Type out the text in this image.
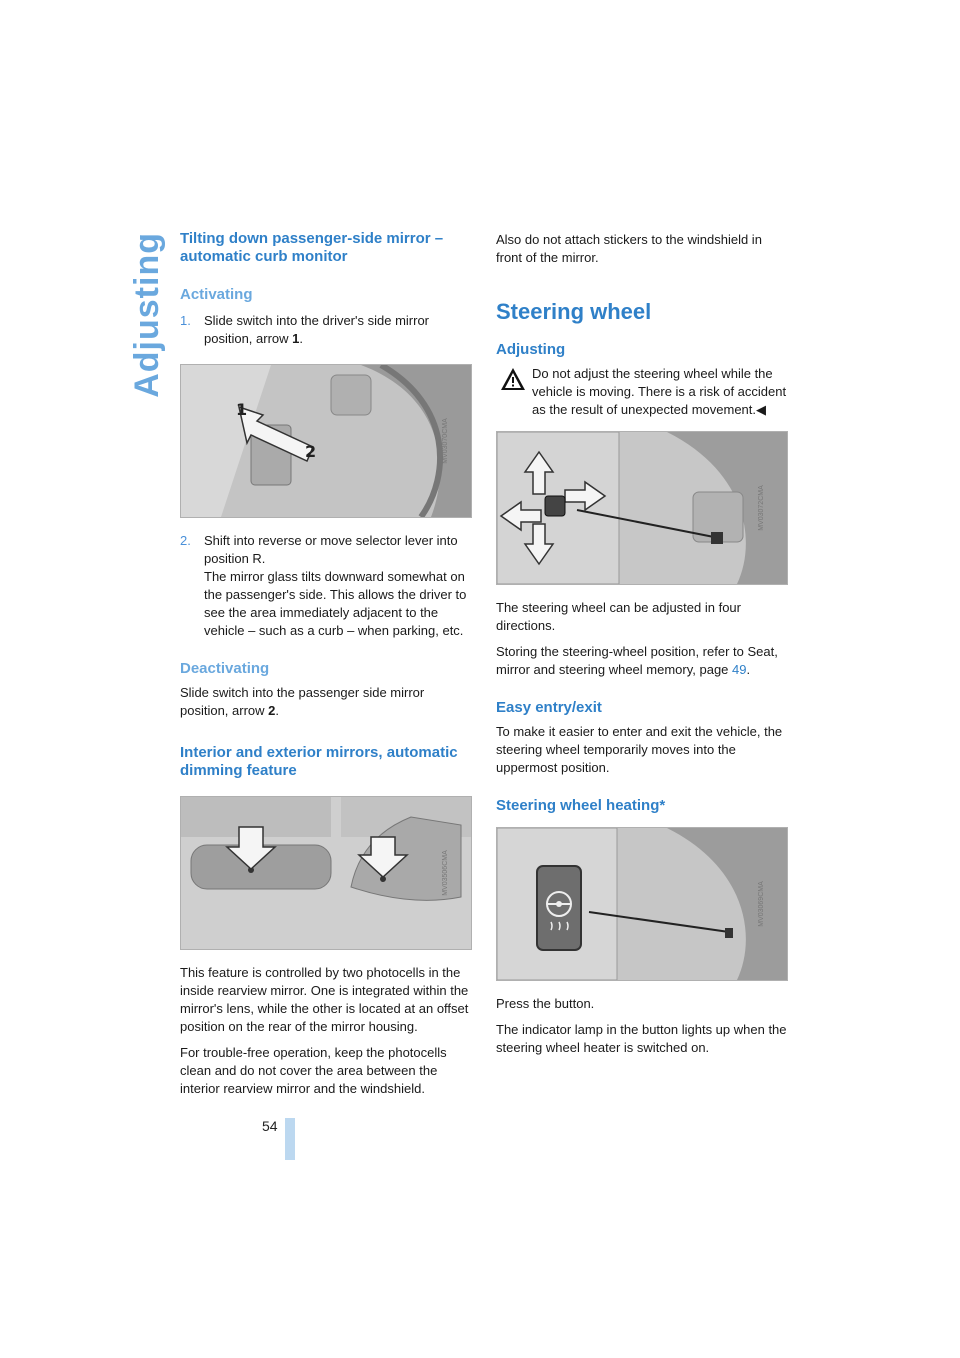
Adjusting Tilting down passenger-side mirror – automatic curb monitor
Activating

1. Slide switch into the driver's side mirror position, arrow 1.

1
2	MV03070CMA

2. Shift into reverse or move selector lever into position R.

The mirror glass tilts downward somewhat on the passenger's side. This allows the driver to see the area immediately adjacent to the vehicle – such as a curb – when parking, etc.

Deactivating

Slide switch into the passenger side mirror position, arrow 2.

Interior and exterior mirrors, automatic dimming feature
MV03506CMA

This feature is controlled by two photocells in the inside rearview mirror. One is integrated within the mirror's lens, while the other is located at an offset position on the rear of the mirror housing.

For trouble-free operation, keep the photocells clean and do not cover the area between the interior rearview mirror and the windshield.

Also do not attach stickers to the windshield in front of the mirror.

Steering wheel
Adjusting

Do not adjust the steering wheel while the vehicle is moving. There is a risk of accident as the result of unexpected movement.◀

MV03072CMA

The steering wheel can be adjusted in four directions.

Storing the steering-wheel position, refer to Seat, mirror and steering wheel memory, page 49.

Easy entry/exit

To make it easier to enter and exit the vehicle, the steering wheel temporarily moves into the uppermost position.

Steering wheel heating*
MV03069CMA

Press the button.

The indicator lamp in the button lights up when the steering wheel heater is switched on.

54
